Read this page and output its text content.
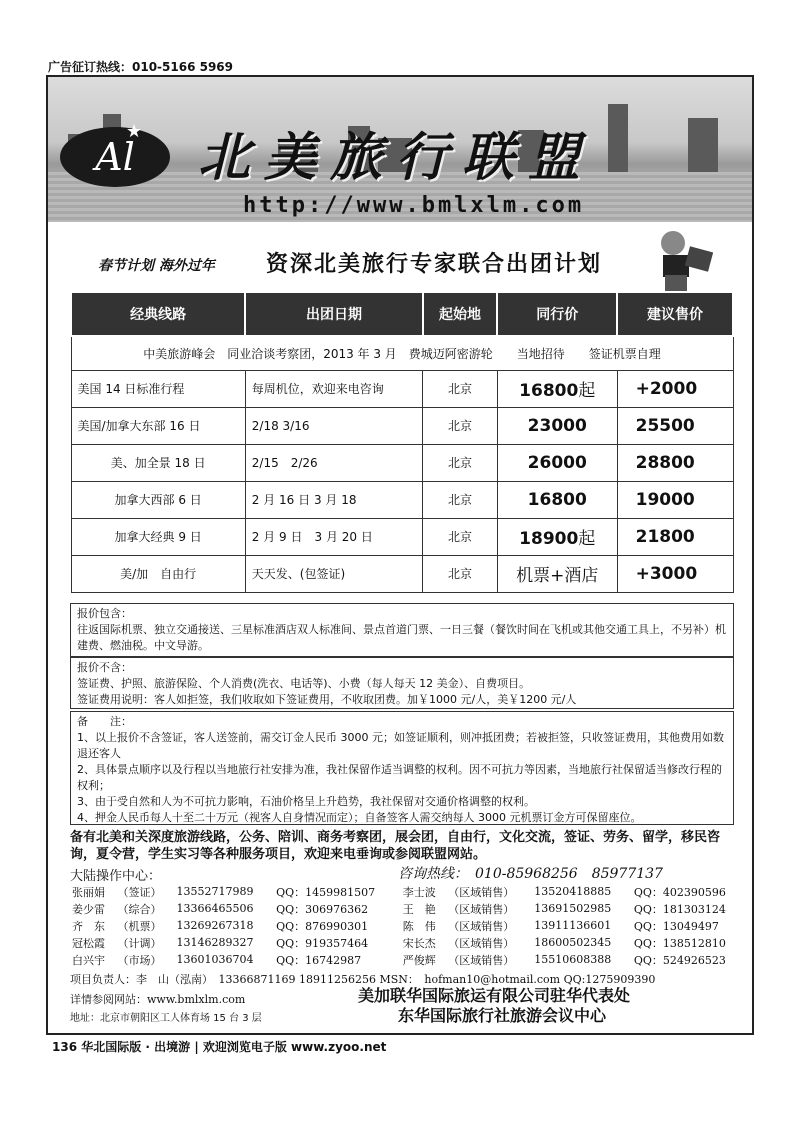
广告征订热线：010-5166 5969
Al
★ 北美旅行联盟
http://www.bmlxlm.com
春节计划 海外过年 资深北美旅行专家联合出团计划
经典线路	出团日期	起始地	同行价	建议售价
中美旅游峰会　同业洽谈考察团，2013 年 3 月　费城迈阿密游轮　　当地招待　　签证机票自理				
美国 14 日标准行程	每周机位，欢迎来电咨询	北京	16800起	+2000
美国/加拿大东部 16 日	2/18 3/16	北京	23000	25500
美、加全景 18 日	2/15　2/26	北京	26000	28800
加拿大西部 6 日	2 月 16 日 3 月 18	北京	16800	19000
加拿大经典 9 日	2 月 9 日　3 月 20 日	北京	18900起	21800
美/加　自由行	天天发、(包签证)	北京	机票+酒店	+3000
报价包含：
往返国际机票、独立交通接送、三星标准酒店双人标准间、景点首道门票、一日三餐（餐饮时间在飞机或其他交通工具上，不另补）机建费、燃油税。中文导游。
报价不含：
签证费、护照、旅游保险、个人消费(洗衣、电话等)、小费（每人每天 12 美金）、自费项目。
签证费用说明：客人如拒签，我们收取如下签证费用，不收取团费。加￥1000 元/人，美￥1200 元/人
备　　注：
1、以上报价不含签证，客人送签前，需交订金人民币 3000 元；如签证顺利，则冲抵团费；若被拒签，只收签证费用，其他费用如数退还客人
2、具体景点顺序以及行程以当地旅行社安排为准，我社保留作适当调整的权利。因不可抗力等因素，当地旅行社保留适当修改行程的权利；
3、由于受自然和人为不可抗力影响，石油价格呈上升趋势，我社保留对交通价格调整的权利。
4、押金人民币每人十至二十万元（视客人自身情况而定）；自备签客人需交纳每人 3000 元机票订金方可保留座位。
备有北美和关深度旅游线路，公务、陪训、商务考察团，展会团，自由行，文化交流，签证、劳务、留学，移民咨询，夏令营，学生实习等各种服务项目，欢迎来电垂询或参阅联盟网站。
大陆操作中心：	咨询热线：　010-85968256　85977137
张丽娟	（签证）	13552717989	QQ：1459981507	李士波	（区域销售）	13520418885	QQ：402390596
姜少雷	（综合）	13366465506	QQ：306976362	王　艳	（区域销售）	13691502985	QQ：181303124
齐　东	（机票）	13269267318	QQ：876990301	陈　伟	（区域销售）	13911136601	QQ：13049497
冠松霞	（计调）	13146289327	QQ：919357464	宋长杰	（区域销售）	18600502345	QQ：138512810
白兴宇	（市场）	13601036704	QQ：16742987	严俊辉	（区域销售）	15510608388	QQ：524926523
项目负责人：李　山（泓南）　13366871169 18911256256 MSN：　hofman10@hotmail.com QQ:1275909390
详情参阅网站：www.bmlxlm.com
地址：北京市朝阳区工人体育场 15 台 3 层
美加联华国际旅运有限公司驻华代表处
东华国际旅行社旅游会议中心
136 华北国际版 · 出境游 | 欢迎浏览电子版 www.zyoo.net
